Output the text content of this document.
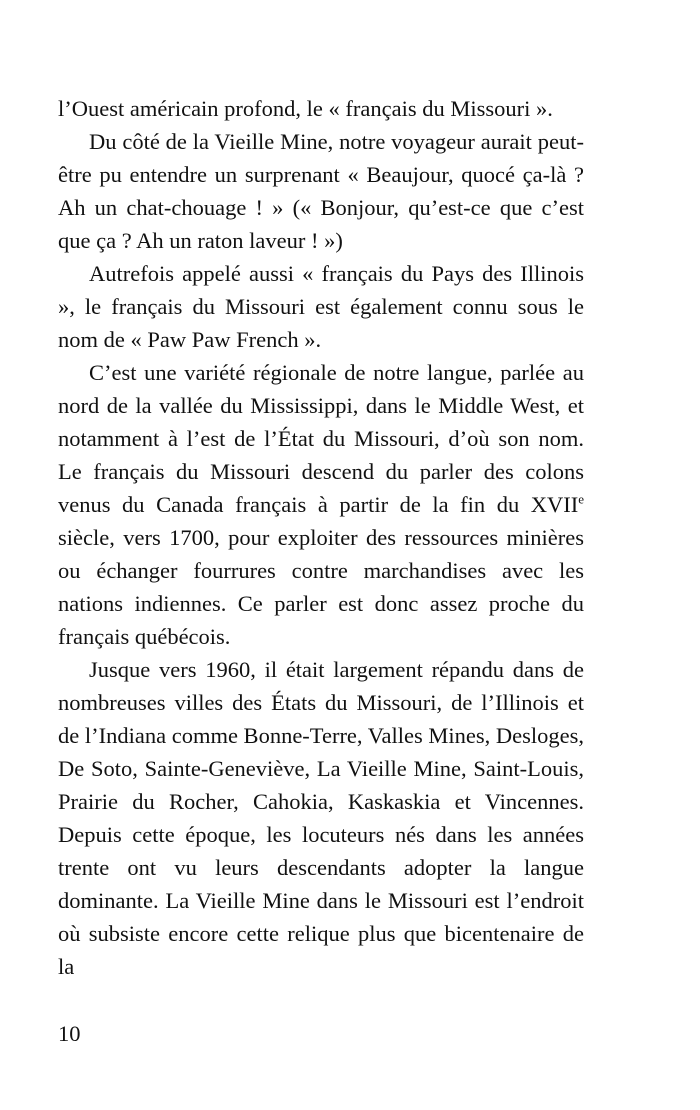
l’Ouest américain profond, le « français du Missouri ».

Du côté de la Vieille Mine, notre voyageur aurait peut-être pu entendre un surprenant « Beaujour, quocé ça-là ? Ah un chat-chouage ! » (« Bonjour, qu’est-ce que c’est que ça ? Ah un raton laveur ! »)

Autrefois appelé aussi « français du Pays des Illinois », le français du Missouri est également connu sous le nom de « Paw Paw French ».

C’est une variété régionale de notre langue, parlée au nord de la vallée du Mississippi, dans le Middle West, et notamment à l’est de l’État du Missouri, d’où son nom. Le français du Missouri descend du parler des colons venus du Canada français à partir de la fin du XVIIe siècle, vers 1700, pour exploiter des ressources minières ou échanger fourrures contre marchandises avec les nations indiennes. Ce parler est donc assez proche du français québécois.

Jusque vers 1960, il était largement répandu dans de nombreuses villes des États du Missouri, de l’Illinois et de l’Indiana comme Bonne-Terre, Valles Mines, Desloges, De Soto, Sainte-Geneviève, La Vieille Mine, Saint-Louis, Prairie du Rocher, Cahokia, Kaskaskia et Vincennes. Depuis cette époque, les locuteurs nés dans les années trente ont vu leurs descendants adopter la langue dominante. La Vieille Mine dans le Missouri est l’endroit où subsiste encore cette relique plus que bicentenaire de la

10
